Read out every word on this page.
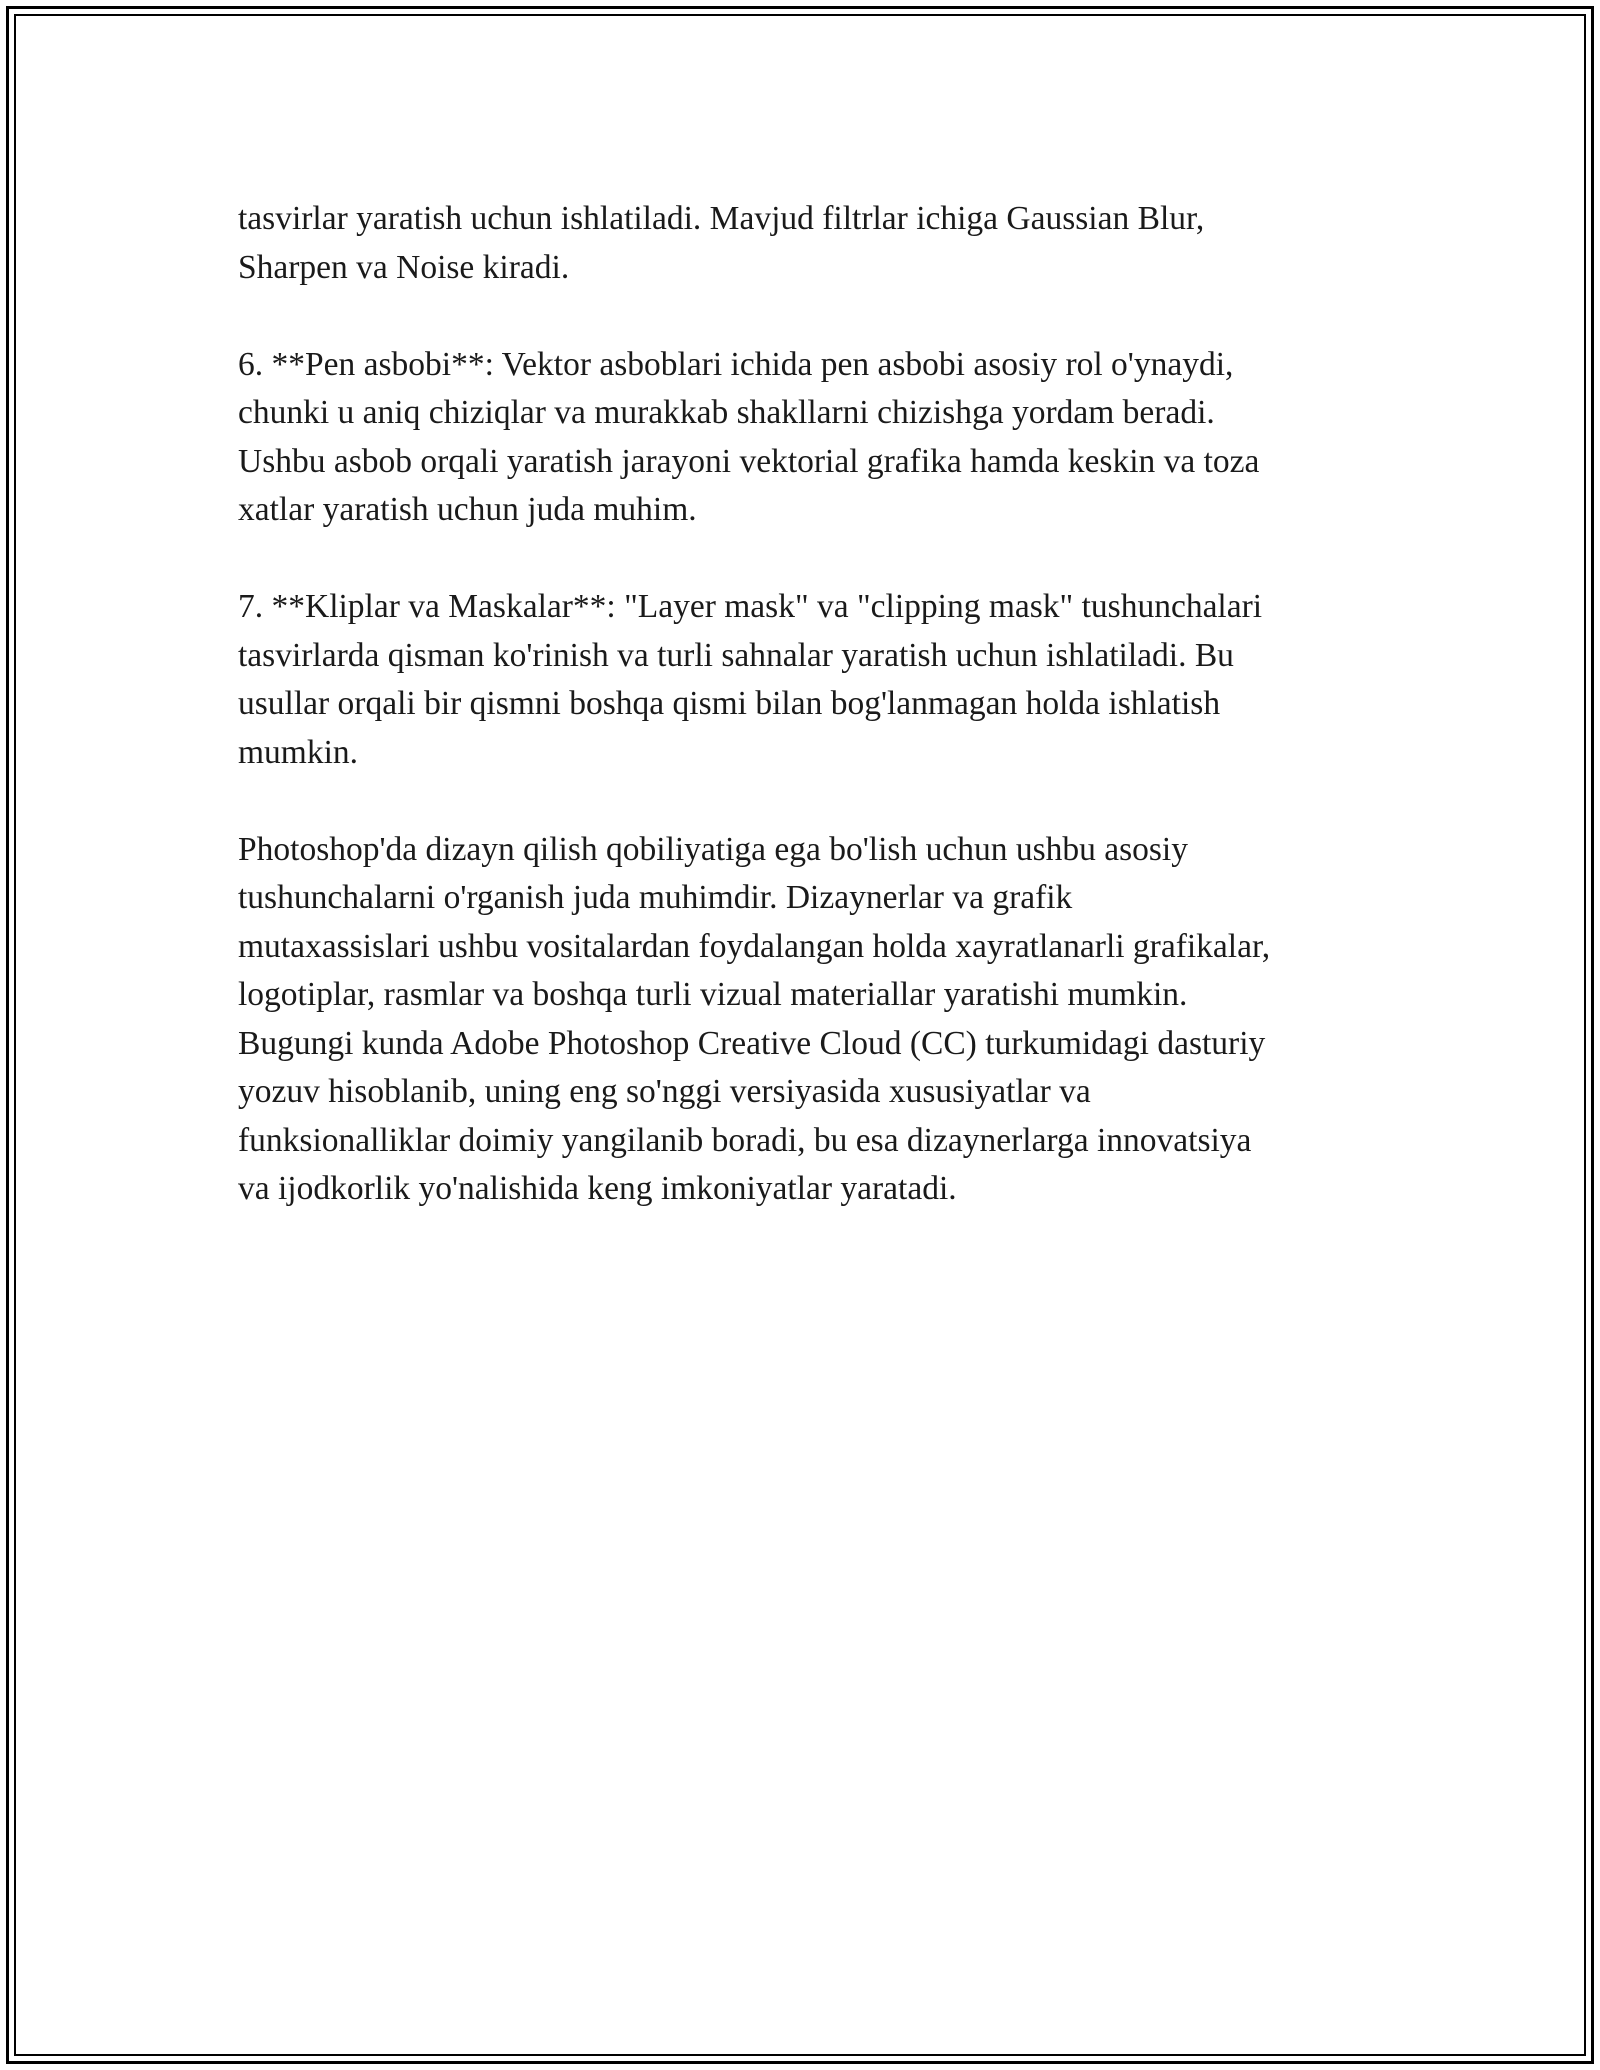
tasvirlar yaratish uchun ishlatiladi. Mavjud filtrlar ichiga Gaussian Blur,
Sharpen va Noise kiradi.

6. **Pen asbobi**: Vektor asboblari ichida pen asbobi asosiy rol o'ynaydi,
chunki u aniq chiziqlar va murakkab shakllarni chizishga yordam beradi.
Ushbu asbob orqali yaratish jarayoni vektorial grafika hamda keskin va toza
xatlar yaratish uchun juda muhim.

7. **Kliplar va Maskalar**: "Layer mask" va "clipping mask" tushunchalari
tasvirlarda qisman ko'rinish va turli sahnalar yaratish uchun ishlatiladi. Bu
usullar orqali bir qismni boshqa qismi bilan bog'lanmagan holda ishlatish
mumkin.

Photoshop'da dizayn qilish qobiliyatiga ega bo'lish uchun ushbu asosiy
tushunchalarni o'rganish juda muhimdir. Dizaynerlar va grafik
mutaxassislari ushbu vositalardan foydalangan holda xayratlanarli grafikalar,
logotiplar, rasmlar va boshqa turli vizual materiallar yaratishi mumkin.
Bugungi kunda Adobe Photoshop Creative Cloud (CC) turkumidagi dasturiy
yozuv hisoblanib, uning eng so'nggi versiyasida xususiyatlar va
funksionalliklar doimiy yangilanib boradi, bu esa dizaynerlarga innovatsiya
va ijodkorlik yo'nalishida keng imkoniyatlar yaratadi.
